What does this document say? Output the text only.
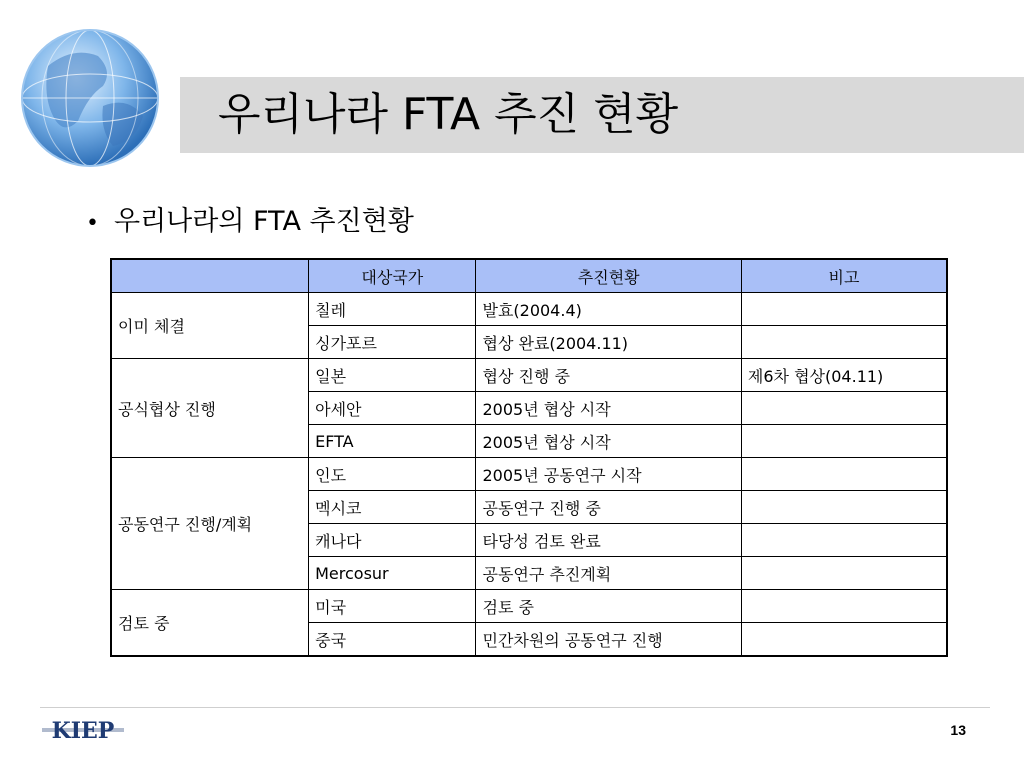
우리나라 FTA 추진 현황
• 우리나라의 FTA 추진현황
	대상국가	추진현황	비고
이미 체결	칠레	발효(2004.4)	
	싱가포르	협상 완료(2004.11)	
공식협상 진행	일본	협상 진행 중	제6차 협상(04.11)
	아세안	2005년 협상 시작	
	EFTA	2005년 협상 시작	
공동연구 진행/계획	인도	2005년 공동연구 시작	
	멕시코	공동연구 진행 중	
	캐나다	타당성 검토 완료	
	Mercosur	공동연구 추진계획	
검토 중	미국	검토 중	
	중국	민간차원의 공동연구 진행	
KIEP	13
